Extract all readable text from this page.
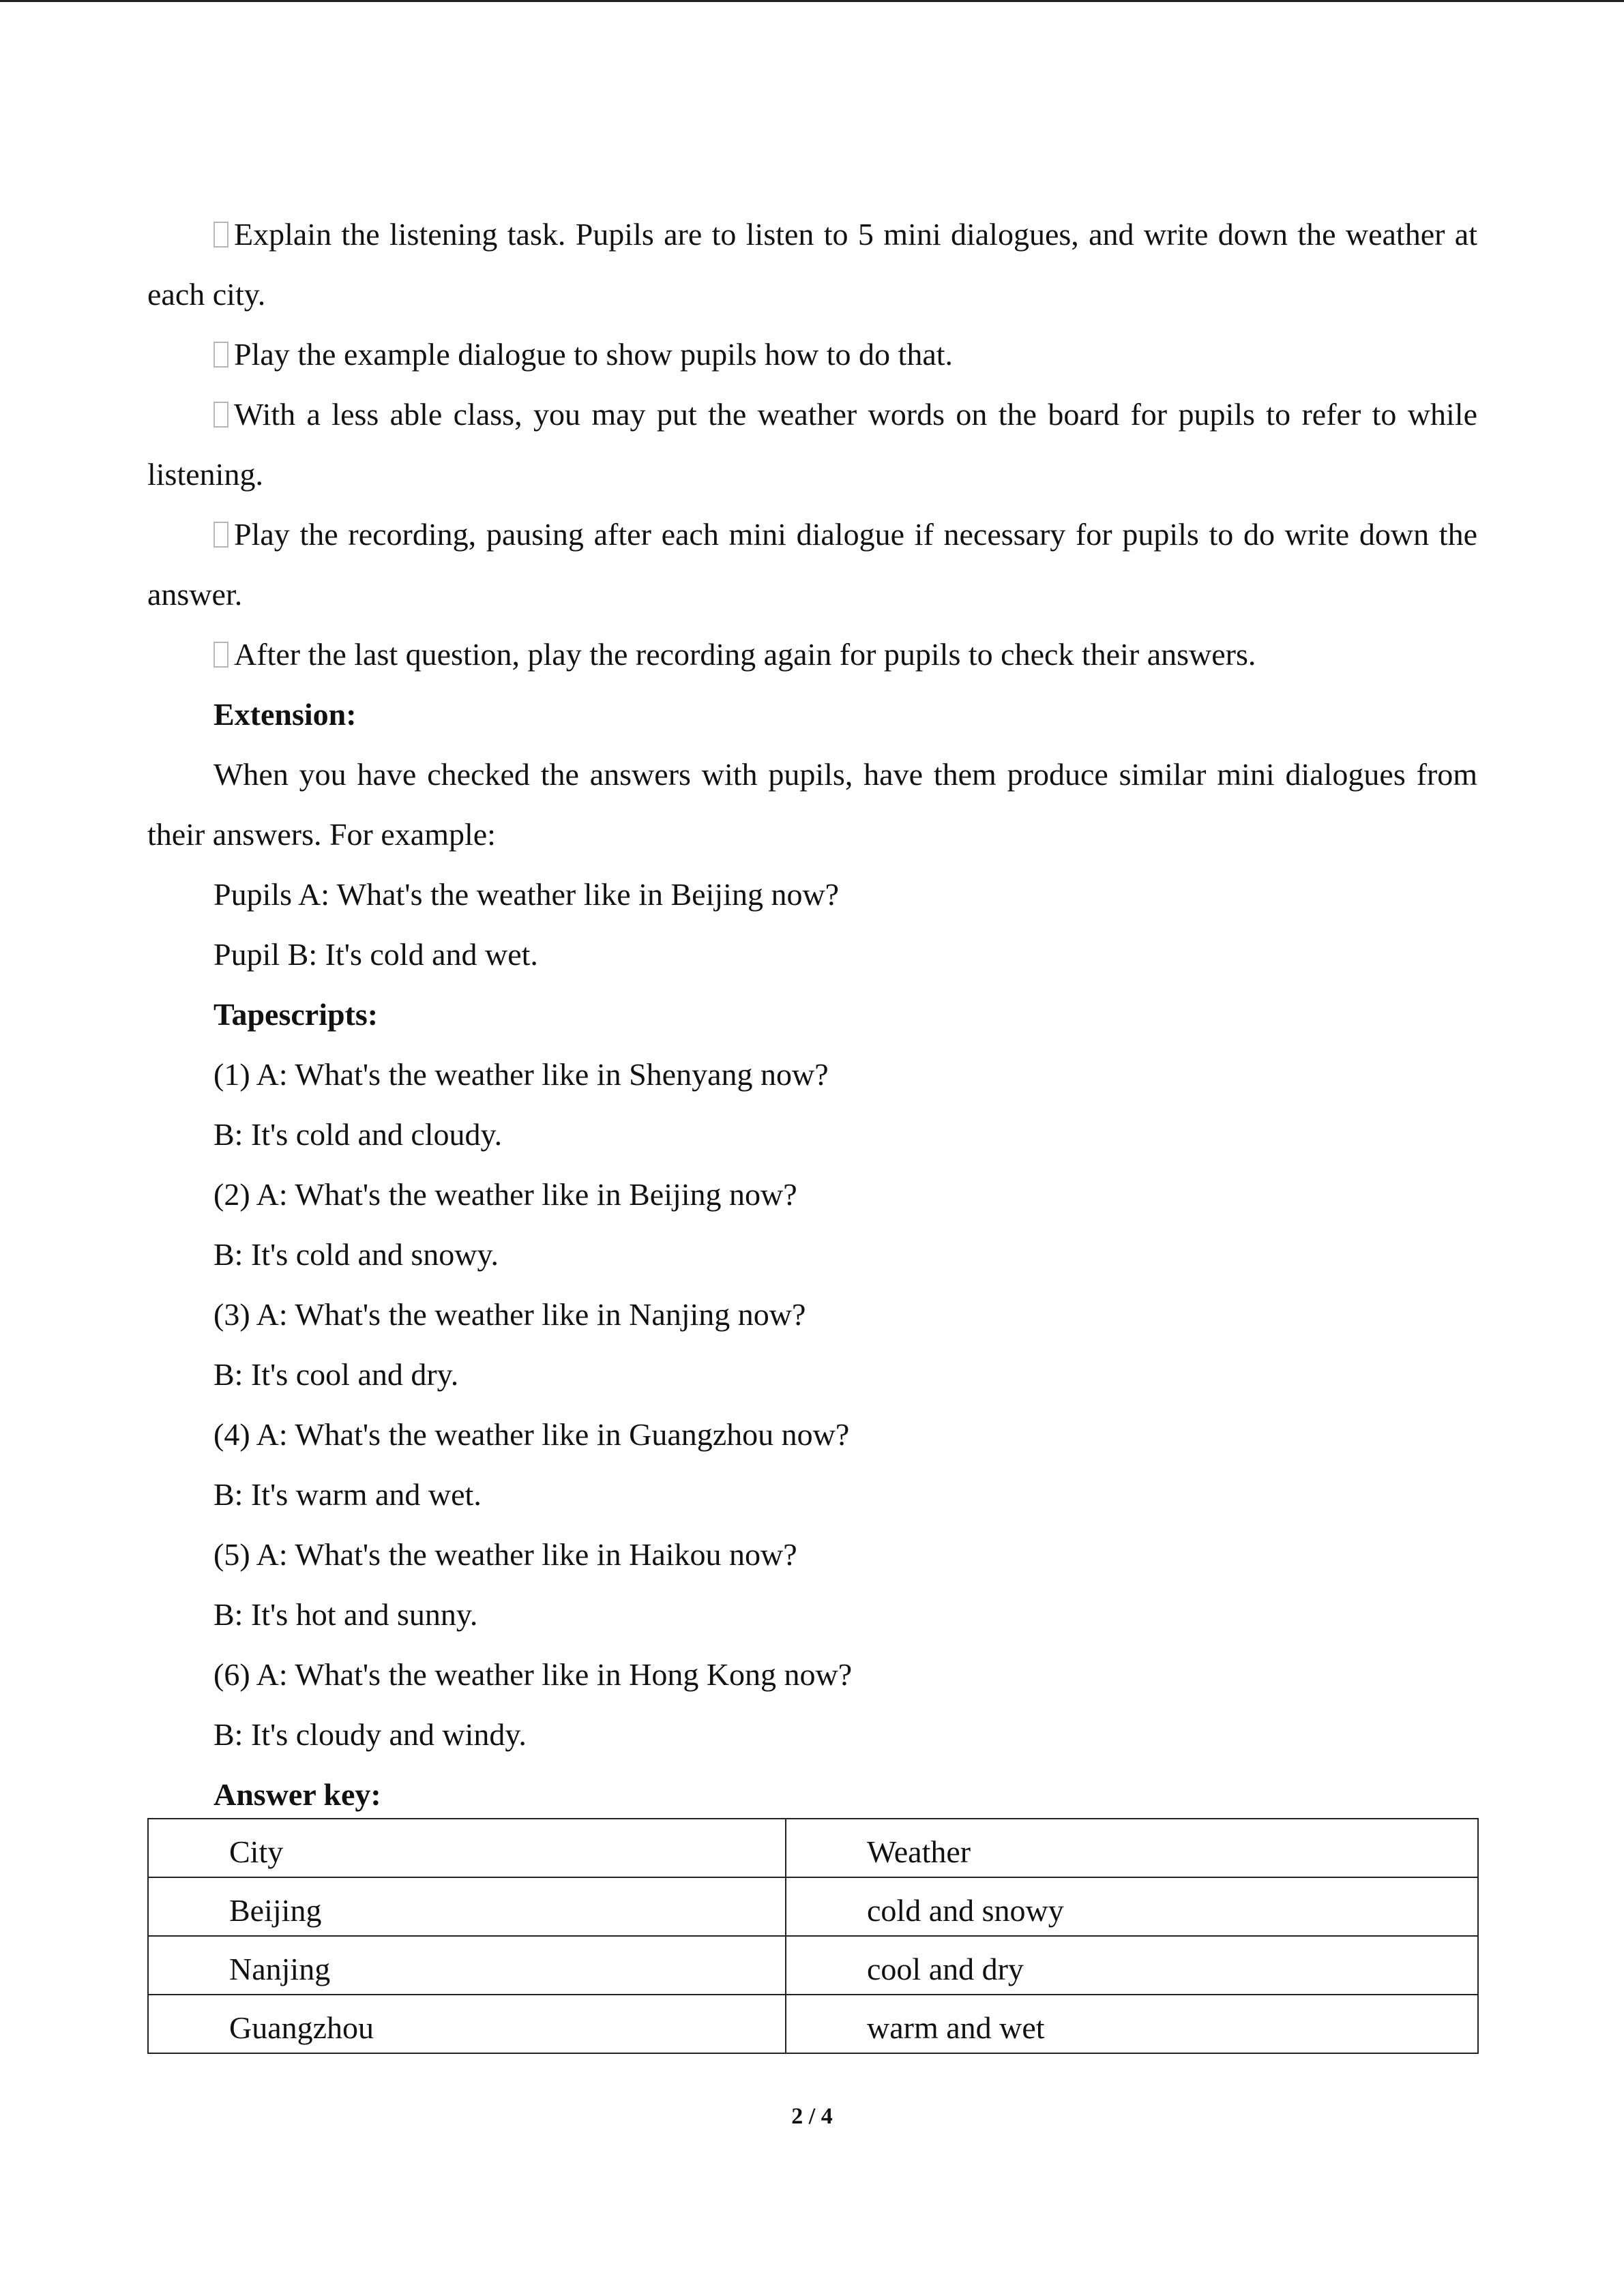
Explain the listening task. Pupils are to listen to 5 mini dialogues, and write down the weather at each city.

Play the example dialogue to show pupils how to do that.

With a less able class, you may put the weather words on the board for pupils to refer to while listening.

Play the recording, pausing after each mini dialogue if necessary for pupils to do write down the answer.

After the last question, play the recording again for pupils to check their answers.

Extension:

When you have checked the answers with pupils, have them produce similar mini dialogues from their answers. For example:

Pupils A: What's the weather like in Beijing now?

Pupil B: It's cold and wet.

Tapescripts:

(1) A: What's the weather like in Shenyang now?

B: It's cold and cloudy.

(2) A: What's the weather like in Beijing now?

B: It's cold and snowy.

(3) A: What's the weather like in Nanjing now?

B: It's cool and dry.

(4) A: What's the weather like in Guangzhou now?

B: It's warm and wet.

(5) A: What's the weather like in Haikou now?

B: It's hot and sunny.

(6) A: What's the weather like in Hong Kong now?

B: It's cloudy and windy.

Answer key:

City	Weather
Beijing	cold and snowy
Nanjing	cool and dry
Guangzhou	warm and wet
2 / 4
